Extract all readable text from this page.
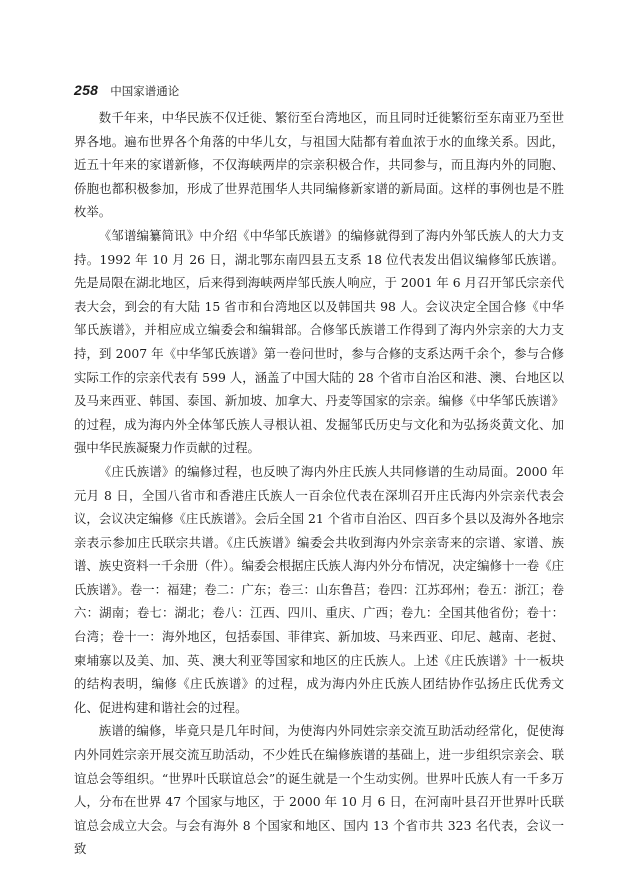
258 中国家谱通论

数千年来，中华民族不仅迁徙、繁衍至台湾地区，而且同时迁徙繁衍至东南亚乃至世界各地。遍布世界各个角落的中华儿女，与祖国大陆都有着血浓于水的血缘关系。因此，近五十年来的家谱新修，不仅海峡两岸的宗亲积极合作，共同参与，而且海内外的同胞、侨胞也都积极参加，形成了世界范围华人共同编修新家谱的新局面。这样的事例也是不胜枚举。

《邹谱编纂简讯》中介绍《中华邹氏族谱》的编修就得到了海内外邹氏族人的大力支持。1992 年 10 月 26 日，湖北鄂东南四县五支系 18 位代表发出倡议编修邹氏族谱。先是局限在湖北地区，后来得到海峡两岸邹氏族人响应，于 2001 年 6 月召开邹氏宗亲代表大会，到会的有大陆 15 省市和台湾地区以及韩国共 98 人。会议决定全国合修《中华邹氏族谱》，并相应成立编委会和编辑部。合修邹氏族谱工作得到了海内外宗亲的大力支持，到 2007 年《中华邹氏族谱》第一卷问世时，参与合修的支系达两千余个，参与合修实际工作的宗亲代表有 599 人，涵盖了中国大陆的 28 个省市自治区和港、澳、台地区以及马来西亚、韩国、泰国、新加坡、加拿大、丹麦等国家的宗亲。编修《中华邹氏族谱》的过程，成为海内外全体邹氏族人寻根认祖、发掘邹氏历史与文化和为弘扬炎黄文化、加强中华民族凝聚力作贡献的过程。

《庄氏族谱》的编修过程，也反映了海内外庄氏族人共同修谱的生动局面。2000 年元月 8 日，全国八省市和香港庄氏族人一百余位代表在深圳召开庄氏海内外宗亲代表会议，会议决定编修《庄氏族谱》。会后全国 21 个省市自治区、四百多个县以及海外各地宗亲表示参加庄氏联宗共谱。《庄氏族谱》编委会共收到海内外宗亲寄来的宗谱、家谱、族谱、族史资料一千余册（件）。编委会根据庄氏族人海内外分布情况，决定编修十一卷《庄氏族谱》。卷一：福建；卷二：广东；卷三：山东鲁莒；卷四：江苏邳州；卷五：浙江；卷六：湖南；卷七：湖北；卷八：江西、四川、重庆、广西；卷九：全国其他省份；卷十：台湾；卷十一：海外地区，包括泰国、菲律宾、新加坡、马来西亚、印尼、越南、老挝、柬埔寨以及美、加、英、澳大利亚等国家和地区的庄氏族人。上述《庄氏族谱》十一板块的结构表明，编修《庄氏族谱》的过程，成为海内外庄氏族人团结协作弘扬庄氏优秀文化、促进构建和谐社会的过程。

族谱的编修，毕竟只是几年时间，为使海内外同姓宗亲交流互助活动经常化，促使海内外同姓宗亲开展交流互助活动，不少姓氏在编修族谱的基础上，进一步组织宗亲会、联谊总会等组织。“世界叶氏联谊总会”的诞生就是一个生动实例。世界叶氏族人有一千多万人，分布在世界 47 个国家与地区，于 2000 年 10 月 6 日，在河南叶县召开世界叶氏联谊总会成立大会。与会有海外 8 个国家和地区、国内 13 个省市共 323 名代表，会议一致
